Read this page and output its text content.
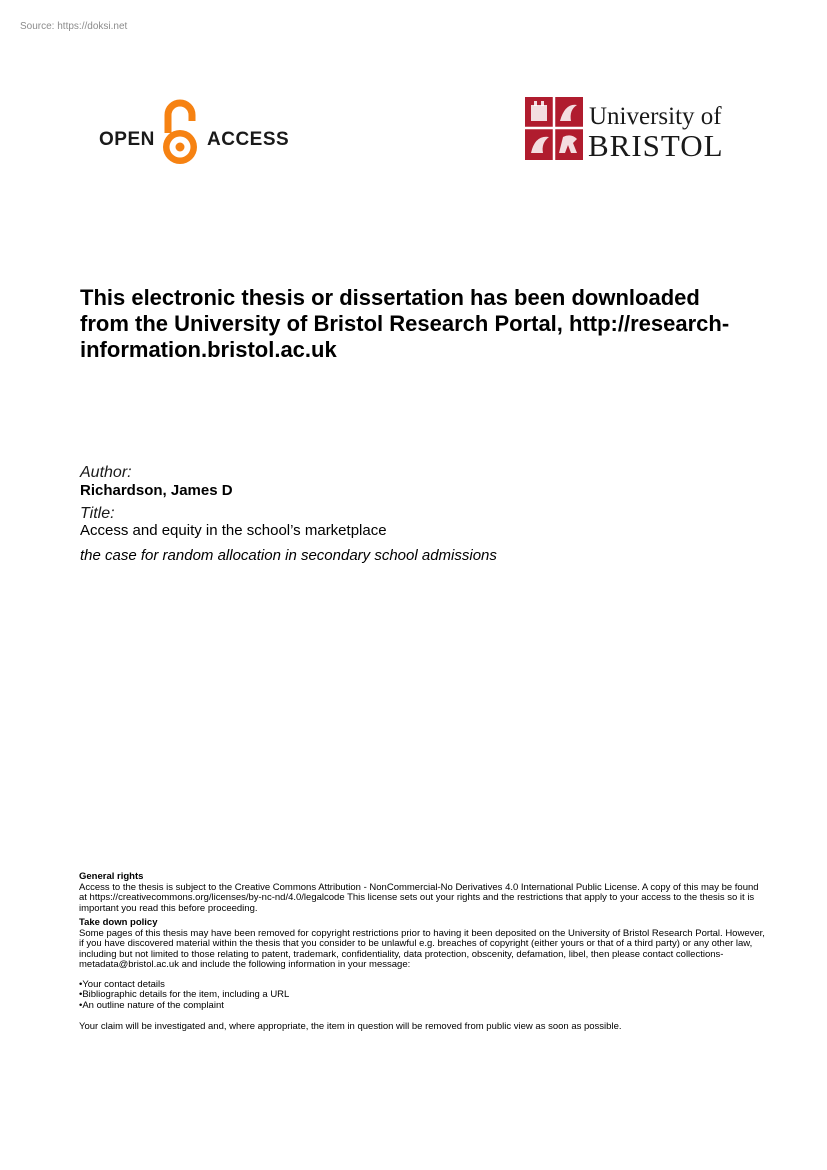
Source: https://doksi.net
OPEN	ACCESS
University of
BRISTOL
This electronic thesis or dissertation has been downloaded from the University of Bristol Research Portal, http://research-information.bristol.ac.uk
Author:
Richardson, James D
Title:
Access and equity in the school’s marketplace
the case for random allocation in secondary school admissions

General rights

Access to the thesis is subject to the Creative Commons Attribution - NonCommercial-No Derivatives 4.0 International Public License. A copy of this may be found at https://creativecommons.org/licenses/by-nc-nd/4.0/legalcode This license sets out your rights and the restrictions that apply to your access to the thesis so it is important you read this before proceeding.

Take down policy

Some pages of this thesis may have been removed for copyright restrictions prior to having it been deposited on the University of Bristol Research Portal. However, if you have discovered material within the thesis that you consider to be unlawful e.g. breaches of copyright (either yours or that of a third party) or any other law, including but not limited to those relating to patent, trademark, confidentiality, data protection, obscenity, defamation, libel, then please contact collections-metadata@bristol.ac.uk and include the following information in your message:

•Your contact details
•Bibliographic details for the item, including a URL
•An outline nature of the complaint

Your claim will be investigated and, where appropriate, the item in question will be removed from public view as soon as possible.
